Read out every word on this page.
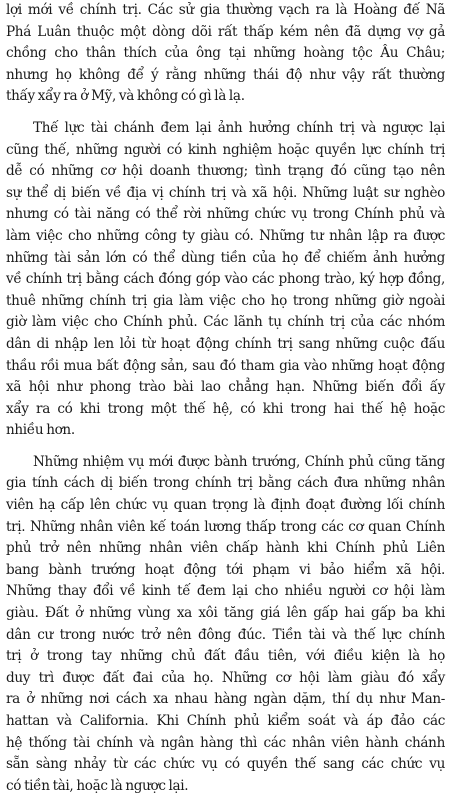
lợi mới về chính trị. Các sử gia thường vạch ra là Hoàng đế Nã
Phá Luân thuộc một dòng dõi rất thấp kém nên đã dựng vợ gả
chồng cho thân thích của ông tại những hoàng tộc Âu Châu;
nhưng họ không để ý rằng những thái độ như vậy rất thường
thấy xẩy ra ở Mỹ, và không có gì là lạ.
Thế lực tài chánh đem lại ảnh hưởng chính trị và ngược lại
cũng thế, những người có kinh nghiệm hoặc quyền lực chính trị
dễ có những cơ hội doanh thương; tình trạng đó cũng tạo nên
sự thể dị biến về địa vị chính trị và xã hội. Những luật sư nghèo
nhưng có tài năng có thể rời những chức vụ trong Chính phủ và
làm việc cho những công ty giàu có. Những tư nhân lập ra được
những tài sản lớn có thể dùng tiền của họ để chiếm ảnh hưởng
về chính trị bằng cách đóng góp vào các phong trào, ký hợp đồng,
thuê những chính trị gia làm việc cho họ trong những giờ ngoài
giờ làm việc cho Chính phủ. Các lãnh tụ chính trị của các nhóm
dân di nhập len lỏi từ hoạt động chính trị sang những cuộc đấu
thầu rồi mua bất động sản, sau đó tham gia vào những hoạt động
xã hội như phong trào bài lao chẳng hạn. Những biến đổi ấy
xẩy ra có khi trong một thế hệ, có khi trong hai thế hệ hoặc
nhiều hơn.
Những nhiệm vụ mới được bành trướng, Chính phủ cũng tăng
gia tính cách dị biến trong chính trị bằng cách đưa những nhân
viên hạ cấp lên chức vụ quan trọng là định đoạt đường lối chính
trị. Những nhân viên kế toán lương thấp trong các cơ quan Chính
phủ trở nên những nhân viên chấp hành khi Chính phủ Liên
bang bành trướng hoạt động tới phạm vi bảo hiểm xã hội.
Những thay đổi về kinh tế đem lại cho nhiều người cơ hội làm
giàu. Đất ở những vùng xa xôi tăng giá lên gấp hai gấp ba khi
dân cư trong nước trở nên đông đúc. Tiền tài và thế lực chính
trị ở trong tay những chủ đất đầu tiên, với điều kiện là họ
duy trì được đất đai của họ. Những cơ hội làm giàu đó xẩy
ra ở những nơi cách xa nhau hàng ngàn dặm, thí dụ như Man-
hattan và California. Khi Chính phủ kiểm soát và áp đảo các
hệ thống tài chính và ngân hàng thì các nhân viên hành chánh
sẵn sàng nhảy từ các chức vụ có quyền thế sang các chức vụ
có tiền tài, hoặc là ngược lại.
